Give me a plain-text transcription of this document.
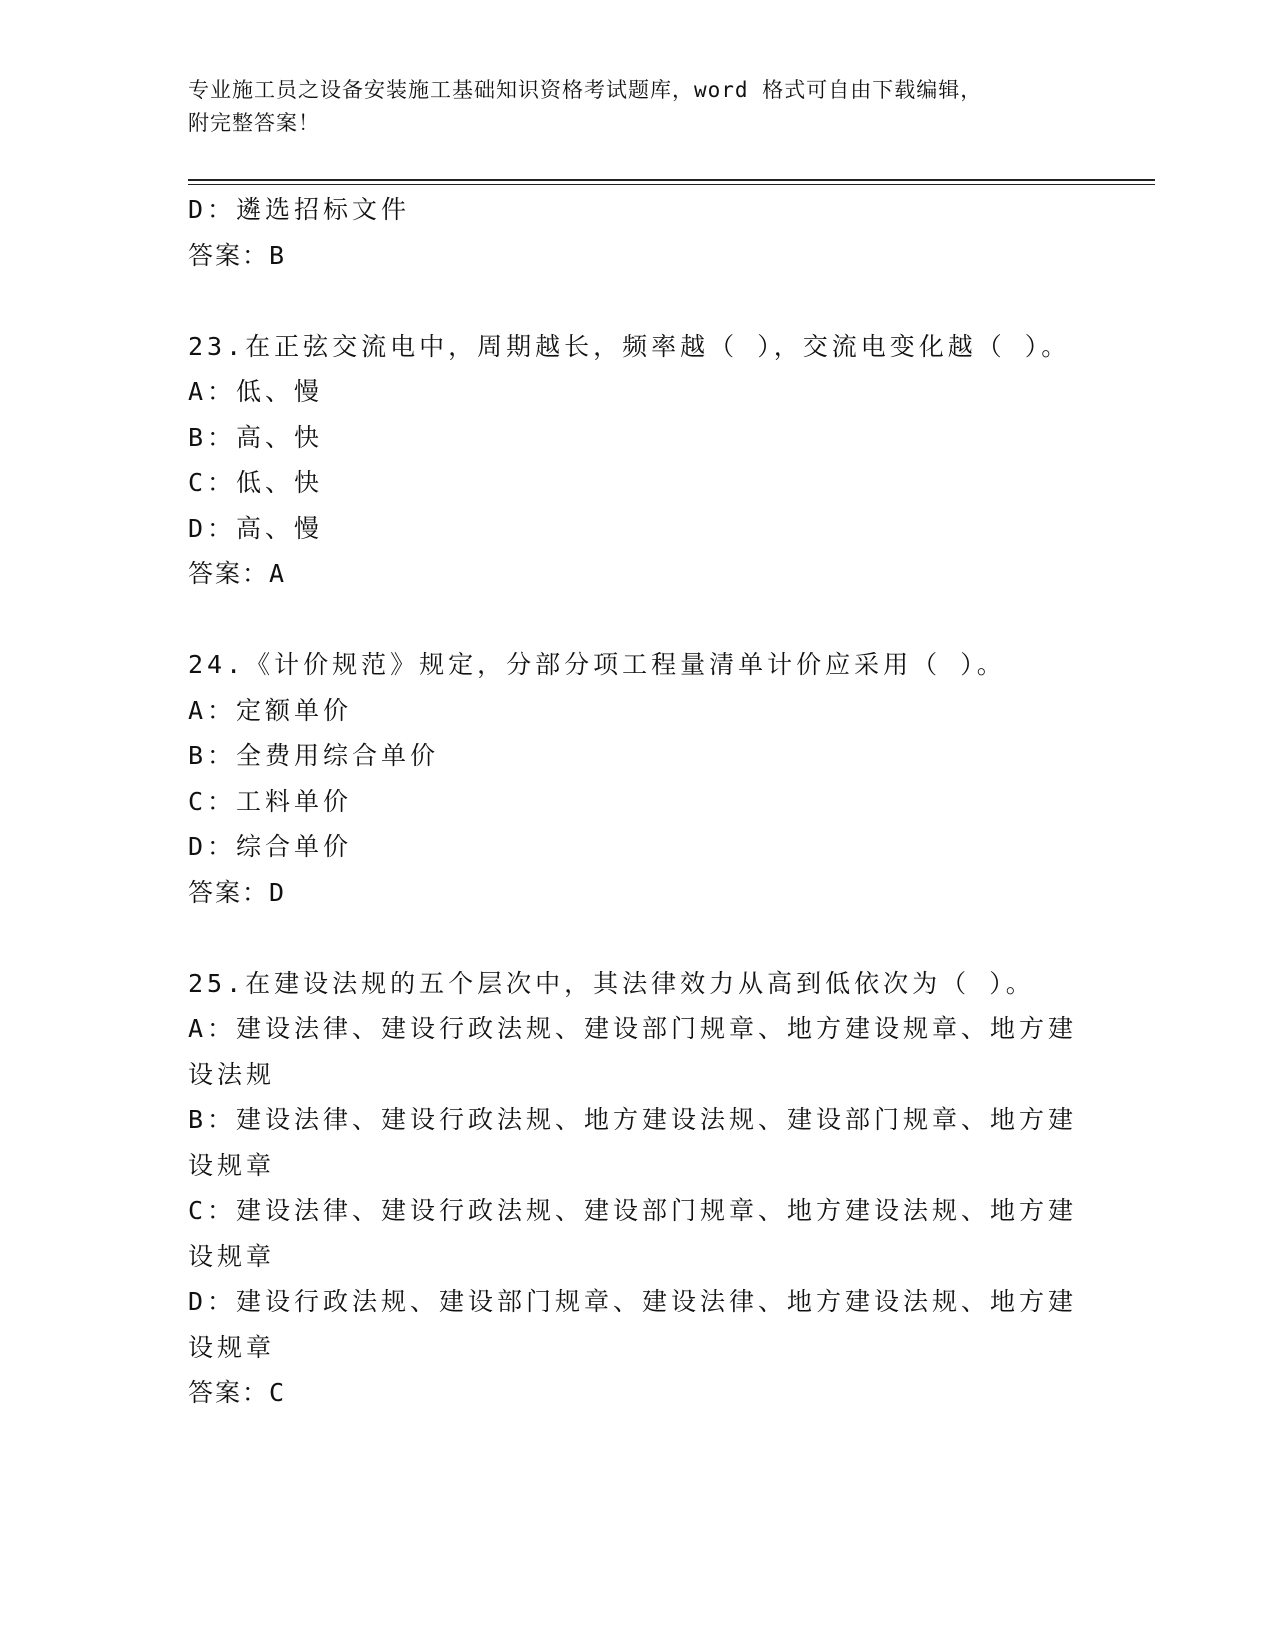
专业施工员之设备安装施工基础知识资格考试题库，word 格式可自由下载编辑，
附完整答案！
D：遴选招标文件
答案：B
23.在正弦交流电中，周期越长，频率越（ ），交流电变化越（ ）。
A：低、慢
B：高、快
C：低、快
D：高、慢
答案：A
24.《计价规范》规定，分部分项工程量清单计价应采用（ ）。
A：定额单价
B：全费用综合单价
C：工料单价
D：综合单价
答案：D
25.在建设法规的五个层次中，其法律效力从高到低依次为（ ）。
A：建设法律、建设行政法规、建设部门规章、地方建设规章、地方建
设法规
B：建设法律、建设行政法规、地方建设法规、建设部门规章、地方建
设规章
C：建设法律、建设行政法规、建设部门规章、地方建设法规、地方建
设规章
D：建设行政法规、建设部门规章、建设法律、地方建设法规、地方建
设规章
答案：C
